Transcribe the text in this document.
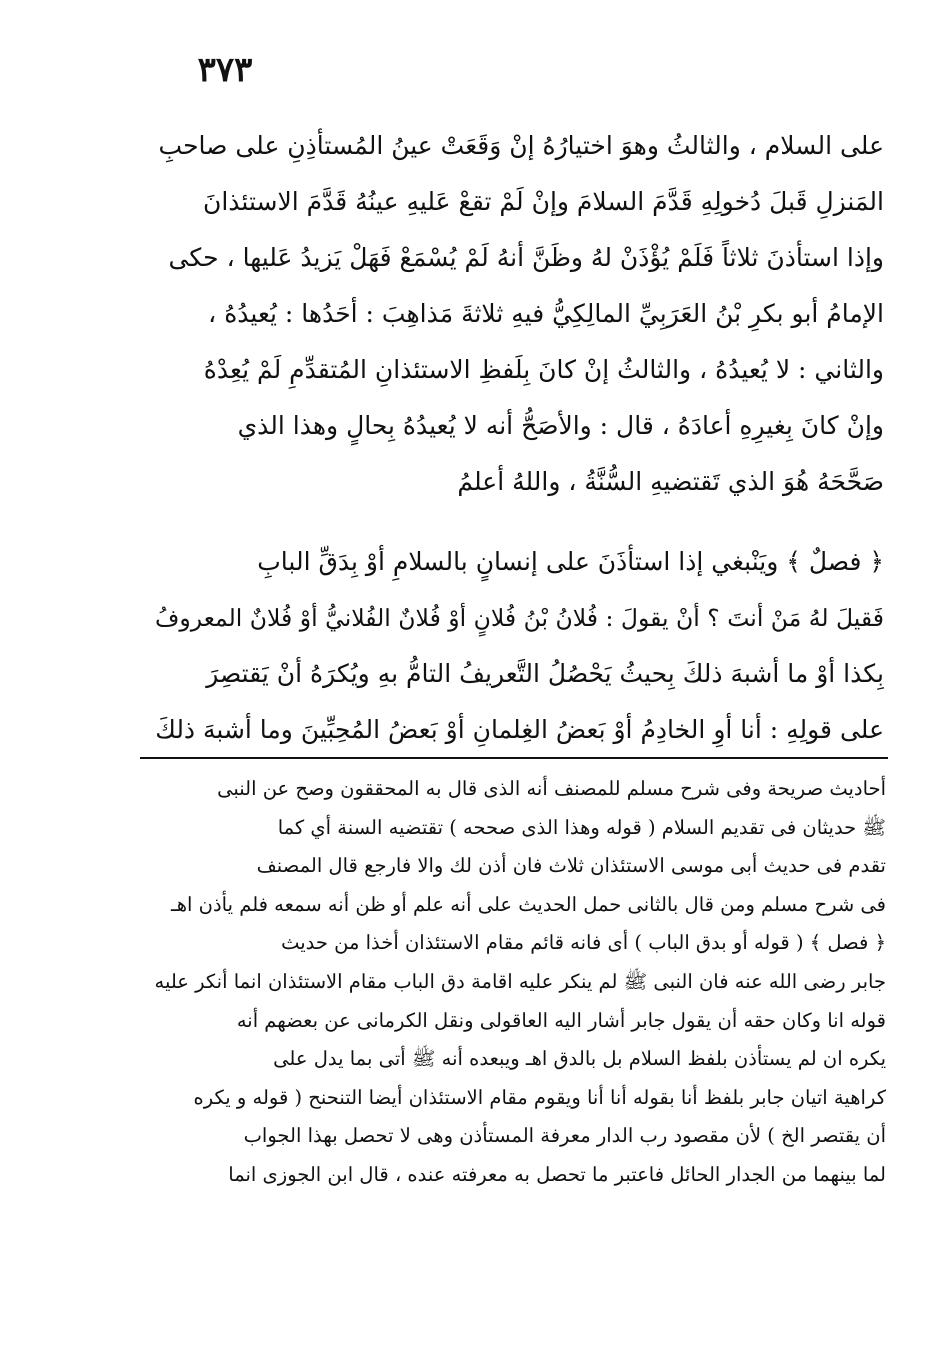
٣٧٣
على السلام ، والثالثُ وهوَ اختيارُهُ إنْ وَقَعَتْ عينُ المُستأذِنِ على صاحبِ
المَنزلِ قَبلَ دُخولِهِ قَدَّمَ السلامَ وإنْ لَمْ تقعْ عَليهِ عينُهُ قَدَّمَ الاستئذانَ
وإذا استأذنَ ثلاثاً فَلَمْ يُؤْذَنْ لهُ وظَنَّ أنهُ لَمْ يُسْمَعْ فَهَلْ يَزيدُ عَليها ، حكى
الإمامُ أبو بكرِ بْنُ العَرَبِيِّ المالِكِيُّ فيهِ ثلاثةَ مَذاهِبَ : أحَدُها : يُعيدُهُ ،
والثاني : لا يُعيدُهُ ، والثالثُ إنْ كانَ بِلَفظِ الاستئذانِ المُتقدِّمِ لَمْ يُعِدْهُ
وإنْ كانَ بِغيرِهِ أعادَهُ ، قال : والأصَحُّ أنه لا يُعيدُهُ بِحالٍ وهذا الذي
صَحَّحَهُ هُوَ الذي تَقتضيهِ السُّنَّةُ ، واللهُ أعلمُ
﴿ فصلٌ ﴾ ويَنْبغي إذا استأذَنَ على إنسانٍ بالسلامِ أوْ بِدَقِّ البابِ
فَقيلَ لهُ مَنْ أنتَ ؟ أنْ يقولَ : فُلانُ بْنُ فُلانٍ أوْ فُلانٌ الفُلانيُّ أوْ فُلانٌ المعروفُ
بِكذا أوْ ما أشبهَ ذلكَ بِحيثُ يَحْصُلُ التَّعريفُ التامُّ بهِ ويُكرَهُ أنْ يَقتصِرَ
على قولِهِ : أنا أوِ الخادِمُ أوْ بَعضُ الغِلمانِ أوْ بَعضُ المُحِبِّينَ وما أشبهَ ذلكَ
أحاديث صريحة وفى شرح مسلم للمصنف أنه الذى قال به المحققون وصح عن النبى
ﷺ حديثان فى تقديم السلام ( قوله وهذا الذى صححه ) تقتضيه السنة أي كما
تقدم فى حديث أبى موسى الاستئذان ثلاث فان أذن لك والا فارجع قال المصنف
فى شرح مسلم ومن قال بالثانى حمل الحديث على أنه علم أو ظن أنه سمعه فلم يأذن اهـ
﴿ فصل ﴾ ( قوله أو بدق الباب ) أى فانه قائم مقام الاستئذان أخذا من حديث
جابر رضى الله عنه فان النبى ﷺ لم ينكر عليه اقامة دق الباب مقام الاستئذان انما أنكر عليه
قوله انا وكان حقه أن يقول جابر أشار اليه العاقولى ونقل الكرمانى عن بعضهم أنه
يكره ان لم يستأذن بلفظ السلام بل بالدق اهـ ويبعده أنه ﷺ أتى بما يدل على
كراهية اتيان جابر بلفظ أنا بقوله أنا أنا ويقوم مقام الاستئذان أيضا التنحنح ( قوله و يكره
أن يقتصر الخ ) لأن مقصود رب الدار معرفة المستأذن وهى لا تحصل بهذا الجواب
لما بينهما من الجدار الحائل فاعتبر ما تحصل به معرفته عنده ، قال ابن الجوزى انما
